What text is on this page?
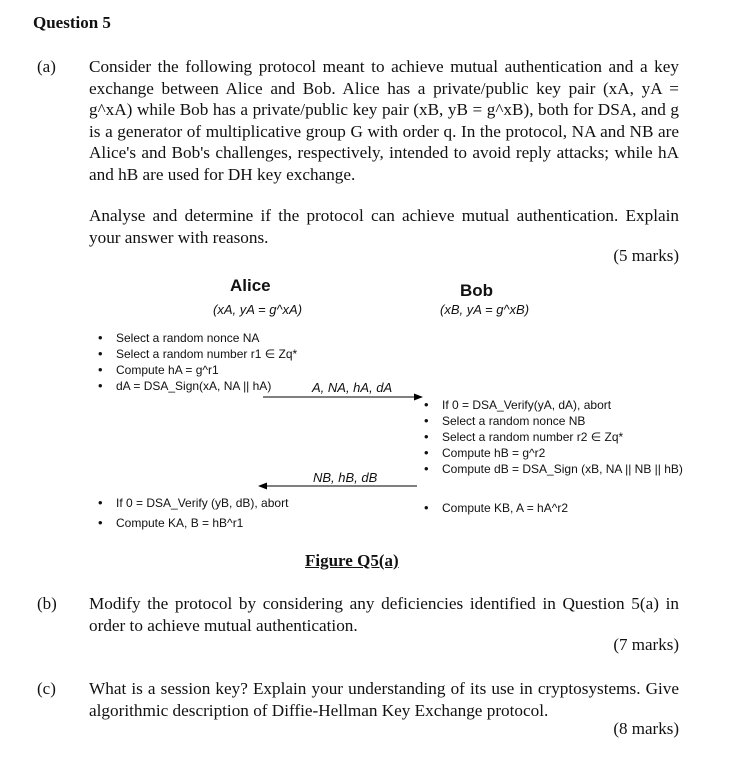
Question 5
(a) Consider the following protocol meant to achieve mutual authentication and a key exchange between Alice and Bob. Alice has a private/public key pair (xA, yA = g^xA) while Bob has a private/public key pair (xB, yB = g^xB), both for DSA, and g is a generator of multiplicative group G with order q. In the protocol, NA and NB are Alice's and Bob's challenges, respectively, intended to avoid reply attacks; while hA and hB are used for DH key exchange.
Analyse and determine if the protocol can achieve mutual authentication. Explain your answer with reasons.
(5 marks)
Alice
(xA, yA = g^xA)
Bob
(xB, yA = g^xB)
• Select a random nonce NA
• Select a random number r1 ∈ Zq*
• Compute hA = g^r1
• dA = DSA_Sign(xA, NA || hA)	A, NA, hA, dA
• If 0 = DSA_Verify(yA, dA), abort
• Select a random nonce NB
• Select a random number r2 ∈ Zq*
• Compute hB = g^r2
• Compute dB = DSA_Sign (xB, NA || NB || hB)
NB, hB, dB
• If 0 = DSA_Verify (yB, dB), abort
• Compute KA, B = hB^r1
• Compute KB, A = hA^r2
Figure Q5(a)
(b) Modify the protocol by considering any deficiencies identified in Question 5(a) in order to achieve mutual authentication.
(7 marks)
(c) What is a session key? Explain your understanding of its use in cryptosystems. Give algorithmic description of Diffie-Hellman Key Exchange protocol.
(8 marks)
